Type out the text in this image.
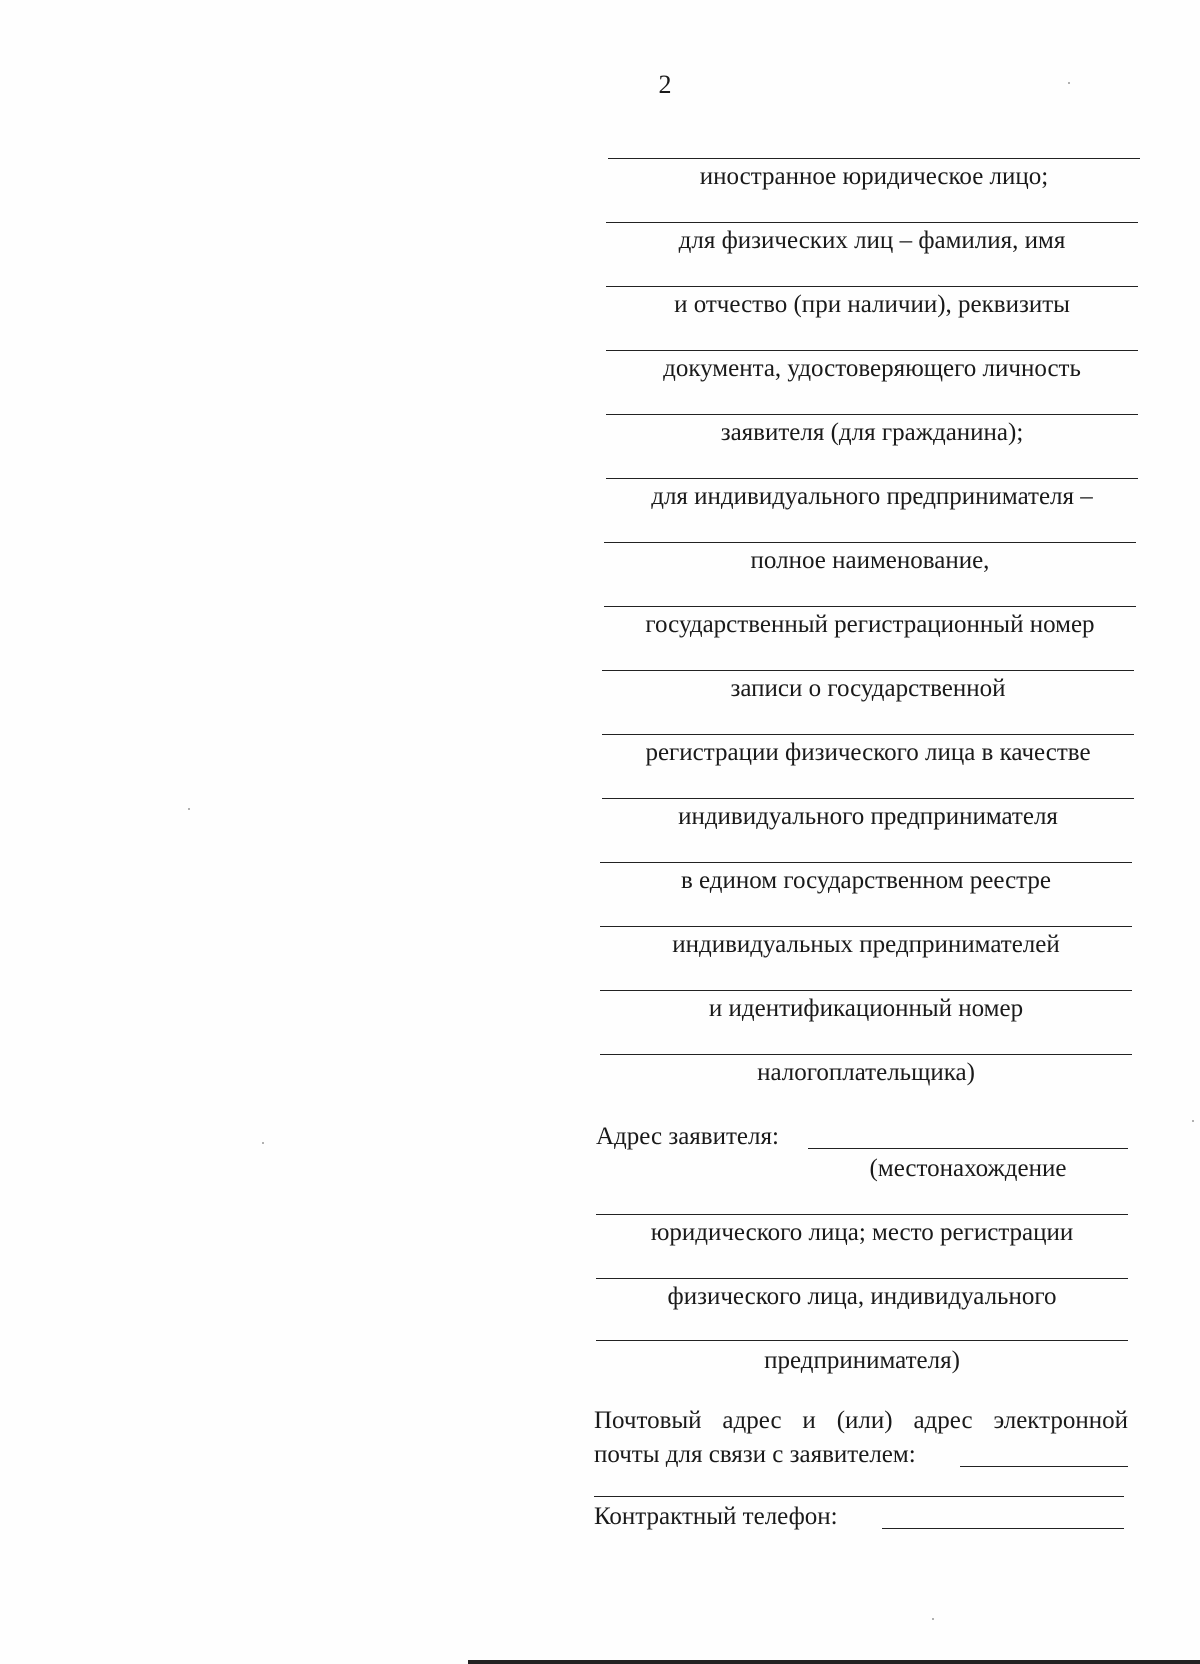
2
иностранное юридическое лицо;
для физических лиц – фамилия, имя
и отчество (при наличии), реквизиты
документа, удостоверяющего личность
заявителя (для гражданина);
для индивидуального предпринимателя –
полное наименование,
государственный регистрационный номер
записи о государственной
регистрации физического лица в качестве
индивидуального предпринимателя
в едином государственном реестре
индивидуальных предпринимателей
и идентификационный номер
налогоплательщика)
Адрес заявителя:
(местонахождение
юридического лица; место регистрации
физического лица, индивидуального
предпринимателя)
Почтовый адрес и (или) адрес электронной
почты для связи с заявителем:
Контрактный телефон:
